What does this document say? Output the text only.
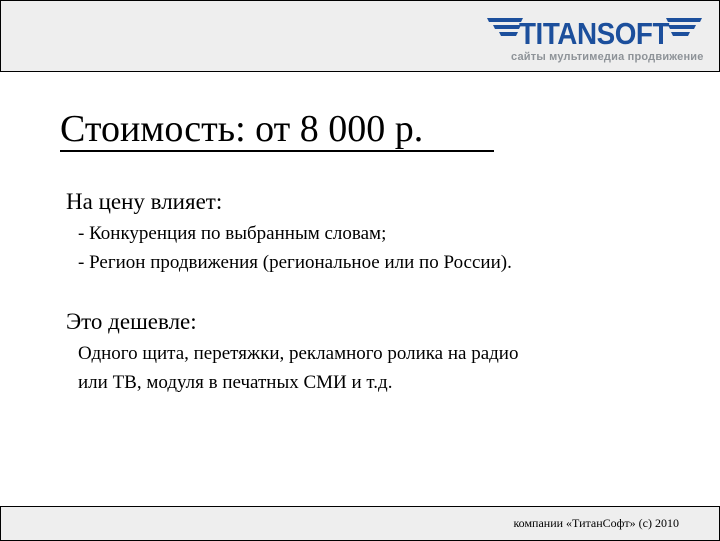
TITANSOFT
сайты мультимедиа продвижение
Стоимость: от 8 000 р.
На цену влияет:
- Конкуренция по выбранным словам;
- Регион продвижения (региональное или по России).
Это дешевле:
Одного щита, перетяжки, рекламного ролика на радио
или ТВ, модуля в печатных СМИ и т.д.
компании «ТитанСофт» (c) 2010
